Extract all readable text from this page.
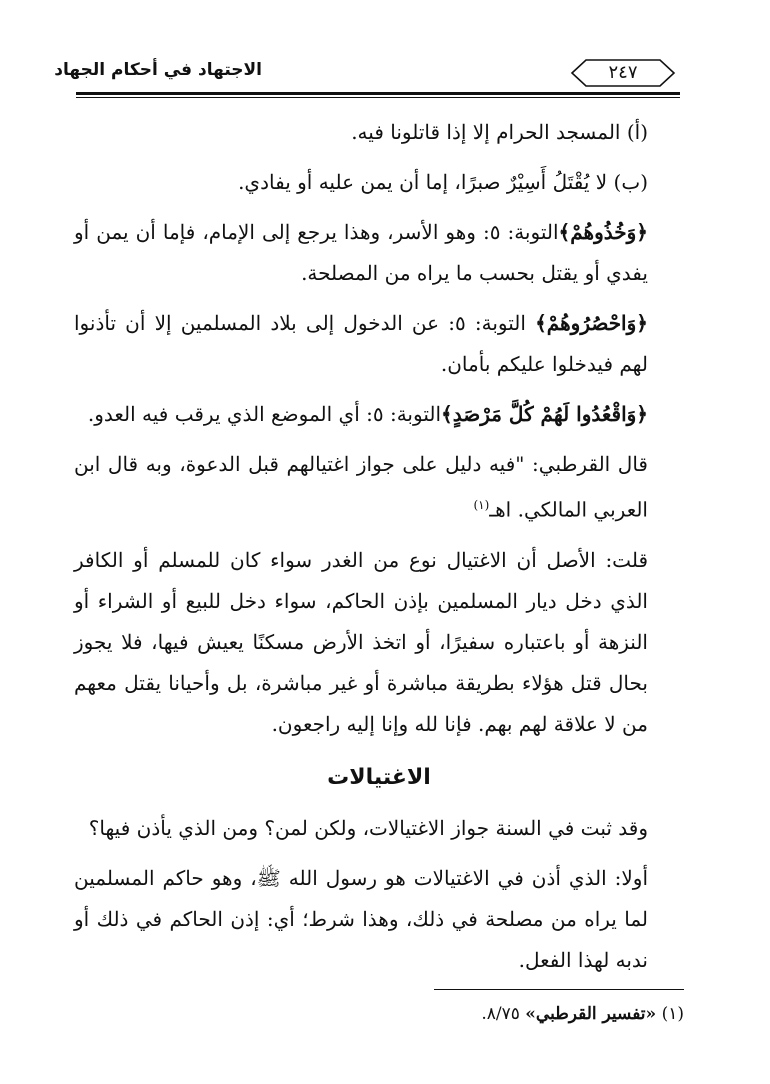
الاجتهاد في أحكام الجهاد	٢٤٧

(أ) المسجد الحرام إلا إذا قاتلونا فيه.

(ب) لا يُقْتَلُ أَسِيْرٌ صبرًا، إما أن يمن عليه أو يفادي.

﴿وَخُذُوهُمْ﴾التوبة: ٥: وهو الأسر، وهذا يرجع إلى الإمام، فإما أن يمن أو يفدي أو يقتل بحسب ما يراه من المصلحة.

﴿وَاحْصُرُوهُمْ﴾ التوبة: ٥: عن الدخول إلى بلاد المسلمين إلا أن تأذنوا لهم فيدخلوا عليكم بأمان.

﴿وَاقْعُدُوا لَهُمْ كُلَّ مَرْصَدٍ﴾التوبة: ٥: أي الموضع الذي يرقب فيه العدو.

قال القرطبي: "فيه دليل على جواز اغتيالهم قبل الدعوة، وبه قال ابن العربي المالكي. اهـ$^{(١)}$

قلت: الأصل أن الاغتيال نوع من الغدر سواء كان للمسلم أو الكافر الذي دخل ديار المسلمين بإذن الحاكم، سواء دخل للبيع أو الشراء أو النزهة أو باعتباره سفيرًا، أو اتخذ الأرض مسكنًا يعيش فيها، فلا يجوز بحال قتل هؤلاء بطريقة مباشرة أو غير مباشرة، بل وأحيانا يقتل معهم من لا علاقة لهم بهم. فإنا لله وإنا إليه راجعون.

الاغتيالات

وقد ثبت في السنة جواز الاغتيالات، ولكن لمن؟ ومن الذي يأذن فيها؟

أولا: الذي أذن في الاغتيالات هو رسول الله ﷺ، وهو حاكم المسلمين لما يراه من مصلحة في ذلك، وهذا شرط؛ أي: إذن الحاكم في ذلك أو ندبه لهذا الفعل.

(١) «تفسير القرطبي» ٨/٧٥.
